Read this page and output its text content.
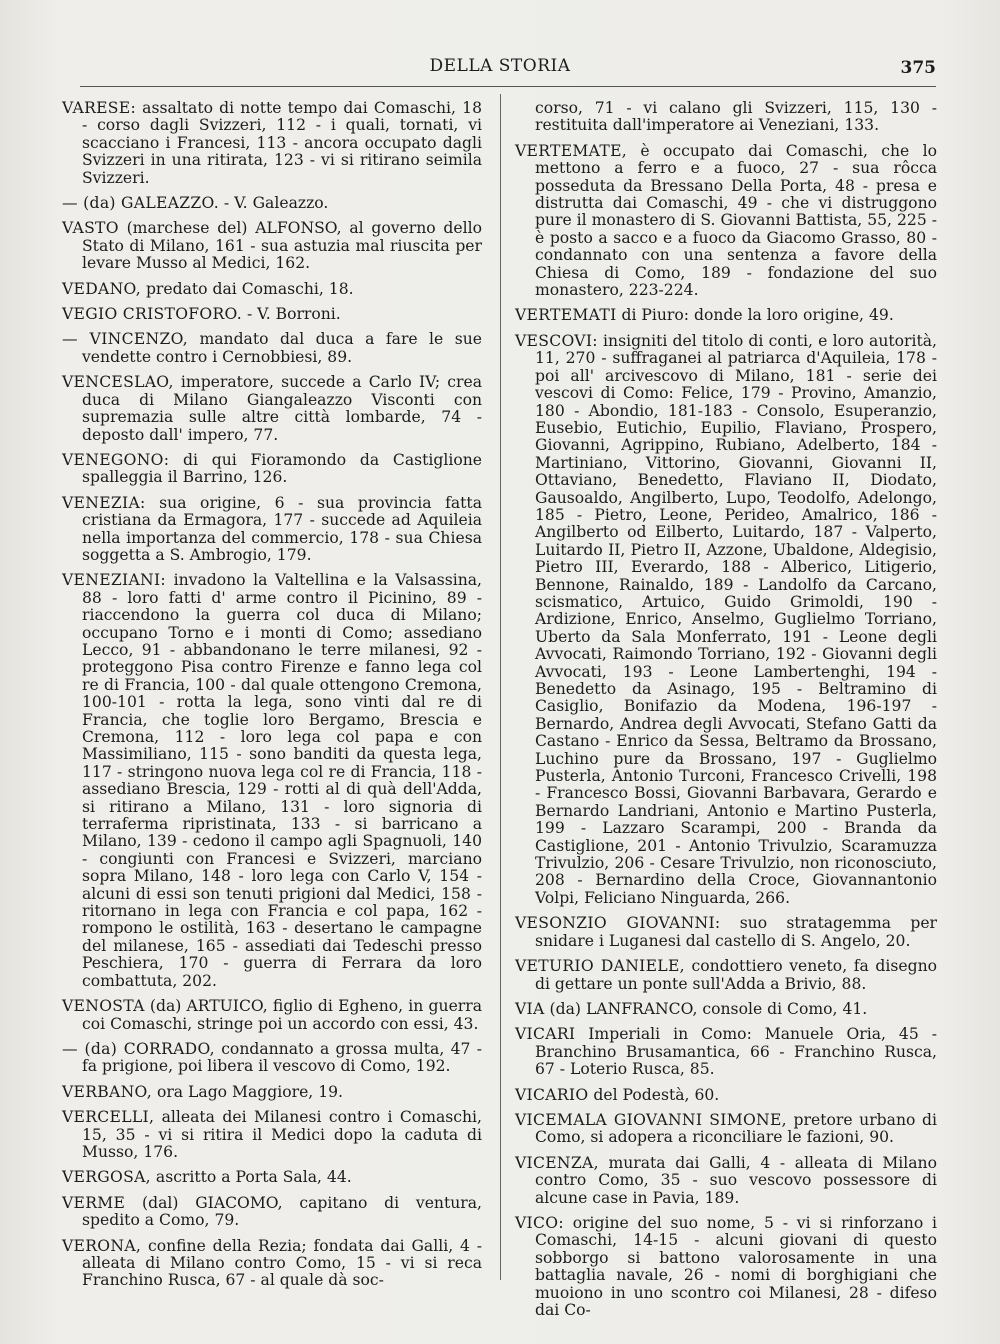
DELLA STORIA	375

VARESE: assaltato di notte tempo dai Comaschi, 18 - corso dagli Svizzeri, 112 - i quali, tornati, vi scacciano i Francesi, 113 - ancora occupato dagli Svizzeri in una ritirata, 123 - vi si ritirano seimila Svizzeri.

— (da) GALEAZZO. - V. Galeazzo.

VASTO (marchese del) ALFONSO, al governo dello Stato di Milano, 161 - sua astuzia mal riuscita per levare Musso al Medici, 162.

VEDANO, predato dai Comaschi, 18.

VEGIO CRISTOFORO. - V. Borroni.

— VINCENZO, mandato dal duca a fare le sue vendette contro i Cernobbiesi, 89.

VENCESLAO, imperatore, succede a Carlo IV; crea duca di Milano Giangaleazzo Visconti con supremazia sulle altre città lombarde, 74 - deposto dall' impero, 77.

VENEGONO: di qui Fioramondo da Castiglione spalleggia il Barrino, 126.

VENEZIA: sua origine, 6 - sua provincia fatta cristiana da Ermagora, 177 - succede ad Aquileia nella importanza del commercio, 178 - sua Chiesa soggetta a S. Ambrogio, 179.

VENEZIANI: invadono la Valtellina e la Valsassina, 88 - loro fatti d' arme contro il Picinino, 89 - riaccendono la guerra col duca di Milano; occupano Torno e i monti di Como; assediano Lecco, 91 - abbandonano le terre milanesi, 92 - proteggono Pisa contro Firenze e fanno lega col re di Francia, 100 - dal quale ottengono Cremona, 100-101 - rotta la lega, sono vinti dal re di Francia, che toglie loro Bergamo, Brescia e Cremona, 112 - loro lega col papa e con Massimiliano, 115 - sono banditi da questa lega, 117 - stringono nuova lega col re di Francia, 118 - assediano Brescia, 129 - rotti al di quà dell'Adda, si ritirano a Milano, 131 - loro signoria di terraferma ripristinata, 133 - si barricano a Milano, 139 - cedono il campo agli Spagnuoli, 140 - congiunti con Francesi e Svizzeri, marciano sopra Milano, 148 - loro lega con Carlo V, 154 - alcuni di essi son tenuti prigioni dal Medici, 158 - ritornano in lega con Francia e col papa, 162 - rompono le ostilità, 163 - desertano le campagne del milanese, 165 - assediati dai Tedeschi presso Peschiera, 170 - guerra di Ferrara da loro combattuta, 202.

VENOSTA (da) ARTUICO, figlio di Egheno, in guerra coi Comaschi, stringe poi un accordo con essi, 43.

— (da) CORRADO, condannato a grossa multa, 47 - fa prigione, poi libera il vescovo di Como, 192.

VERBANO, ora Lago Maggiore, 19.

VERCELLI, alleata dei Milanesi contro i Comaschi, 15, 35 - vi si ritira il Medici dopo la caduta di Musso, 176.

VERGOSA, ascritto a Porta Sala, 44.

VERME (dal) GIACOMO, capitano di ventura, spedito a Como, 79.

VERONA, confine della Rezia; fondata dai Galli, 4 - alleata di Milano contro Como, 15 - vi si reca Franchino Rusca, 67 - al quale dà soc-

corso, 71 - vi calano gli Svizzeri, 115, 130 - restituita dall'imperatore ai Veneziani, 133.

VERTEMATE, è occupato dai Comaschi, che lo mettono a ferro e a fuoco, 27 - sua rôcca posseduta da Bressano Della Porta, 48 - presa e distrutta dai Comaschi, 49 - che vi distruggono pure il monastero di S. Giovanni Battista, 55, 225 - è posto a sacco e a fuoco da Giacomo Grasso, 80 - condannato con una sentenza a favore della Chiesa di Como, 189 - fondazione del suo monastero, 223-224.

VERTEMATI di Piuro: donde la loro origine, 49.

VESCOVI: insigniti del titolo di conti, e loro autorità, 11, 270 - suffraganei al patriarca d'Aquileia, 178 - poi all' arcivescovo di Milano, 181 - serie dei vescovi di Como: Felice, 179 - Provino, Amanzio, 180 - Abondio, 181-183 - Consolo, Esuperanzio, Eusebio, Eutichio, Eupilio, Flaviano, Prospero, Giovanni, Agrippino, Rubiano, Adelberto, 184 - Martiniano, Vittorino, Giovanni, Giovanni II, Ottaviano, Benedetto, Flaviano II, Diodato, Gausoaldo, Angilberto, Lupo, Teodolfo, Adelongo, 185 - Pietro, Leone, Perideo, Amalrico, 186 - Angilberto od Eilberto, Luitardo, 187 - Valperto, Luitardo II, Pietro II, Azzone, Ubaldone, Aldegisio, Pietro III, Everardo, 188 - Alberico, Litigerio, Bennone, Rainaldo, 189 - Landolfo da Carcano, scismatico, Artuico, Guido Grimoldi, 190 - Ardizione, Enrico, Anselmo, Guglielmo Torriano, Uberto da Sala Monferrato, 191 - Leone degli Avvocati, Raimondo Torriano, 192 - Giovanni degli Avvocati, 193 - Leone Lambertenghi, 194 - Benedetto da Asinago, 195 - Beltramino di Casiglio, Bonifazio da Modena, 196-197 - Bernardo, Andrea degli Avvocati, Stefano Gatti da Castano - Enrico da Sessa, Beltramo da Brossano, Luchino pure da Brossano, 197 - Guglielmo Pusterla, Antonio Turconi, Francesco Crivelli, 198 - Francesco Bossi, Giovanni Barbavara, Gerardo e Bernardo Landriani, Antonio e Martino Pusterla, 199 - Lazzaro Scarampi, 200 - Branda da Castiglione, 201 - Antonio Trivulzio, Scaramuzza Trivulzio, 206 - Cesare Trivulzio, non riconosciuto, 208 - Bernardino della Croce, Giovannantonio Volpi, Feliciano Ninguarda, 266.

VESONZIO GIOVANNI: suo stratagemma per snidare i Luganesi dal castello di S. Angelo, 20.

VETURIO DANIELE, condottiero veneto, fa disegno di gettare un ponte sull'Adda a Brivio, 88.

VIA (da) LANFRANCO, console di Como, 41.

VICARI Imperiali in Como: Manuele Oria, 45 - Branchino Brusamantica, 66 - Franchino Rusca, 67 - Loterio Rusca, 85.

VICARIO del Podestà, 60.

VICEMALA GIOVANNI SIMONE, pretore urbano di Como, si adopera a riconciliare le fazioni, 90.

VICENZA, murata dai Galli, 4 - alleata di Milano contro Como, 35 - suo vescovo possessore di alcune case in Pavia, 189.

VICO: origine del suo nome, 5 - vi si rinforzano i Comaschi, 14-15 - alcuni giovani di questo sobborgo si battono valorosamente in una battaglia navale, 26 - nomi di borghigiani che muoiono in uno scontro coi Milanesi, 28 - difeso dai Co-
